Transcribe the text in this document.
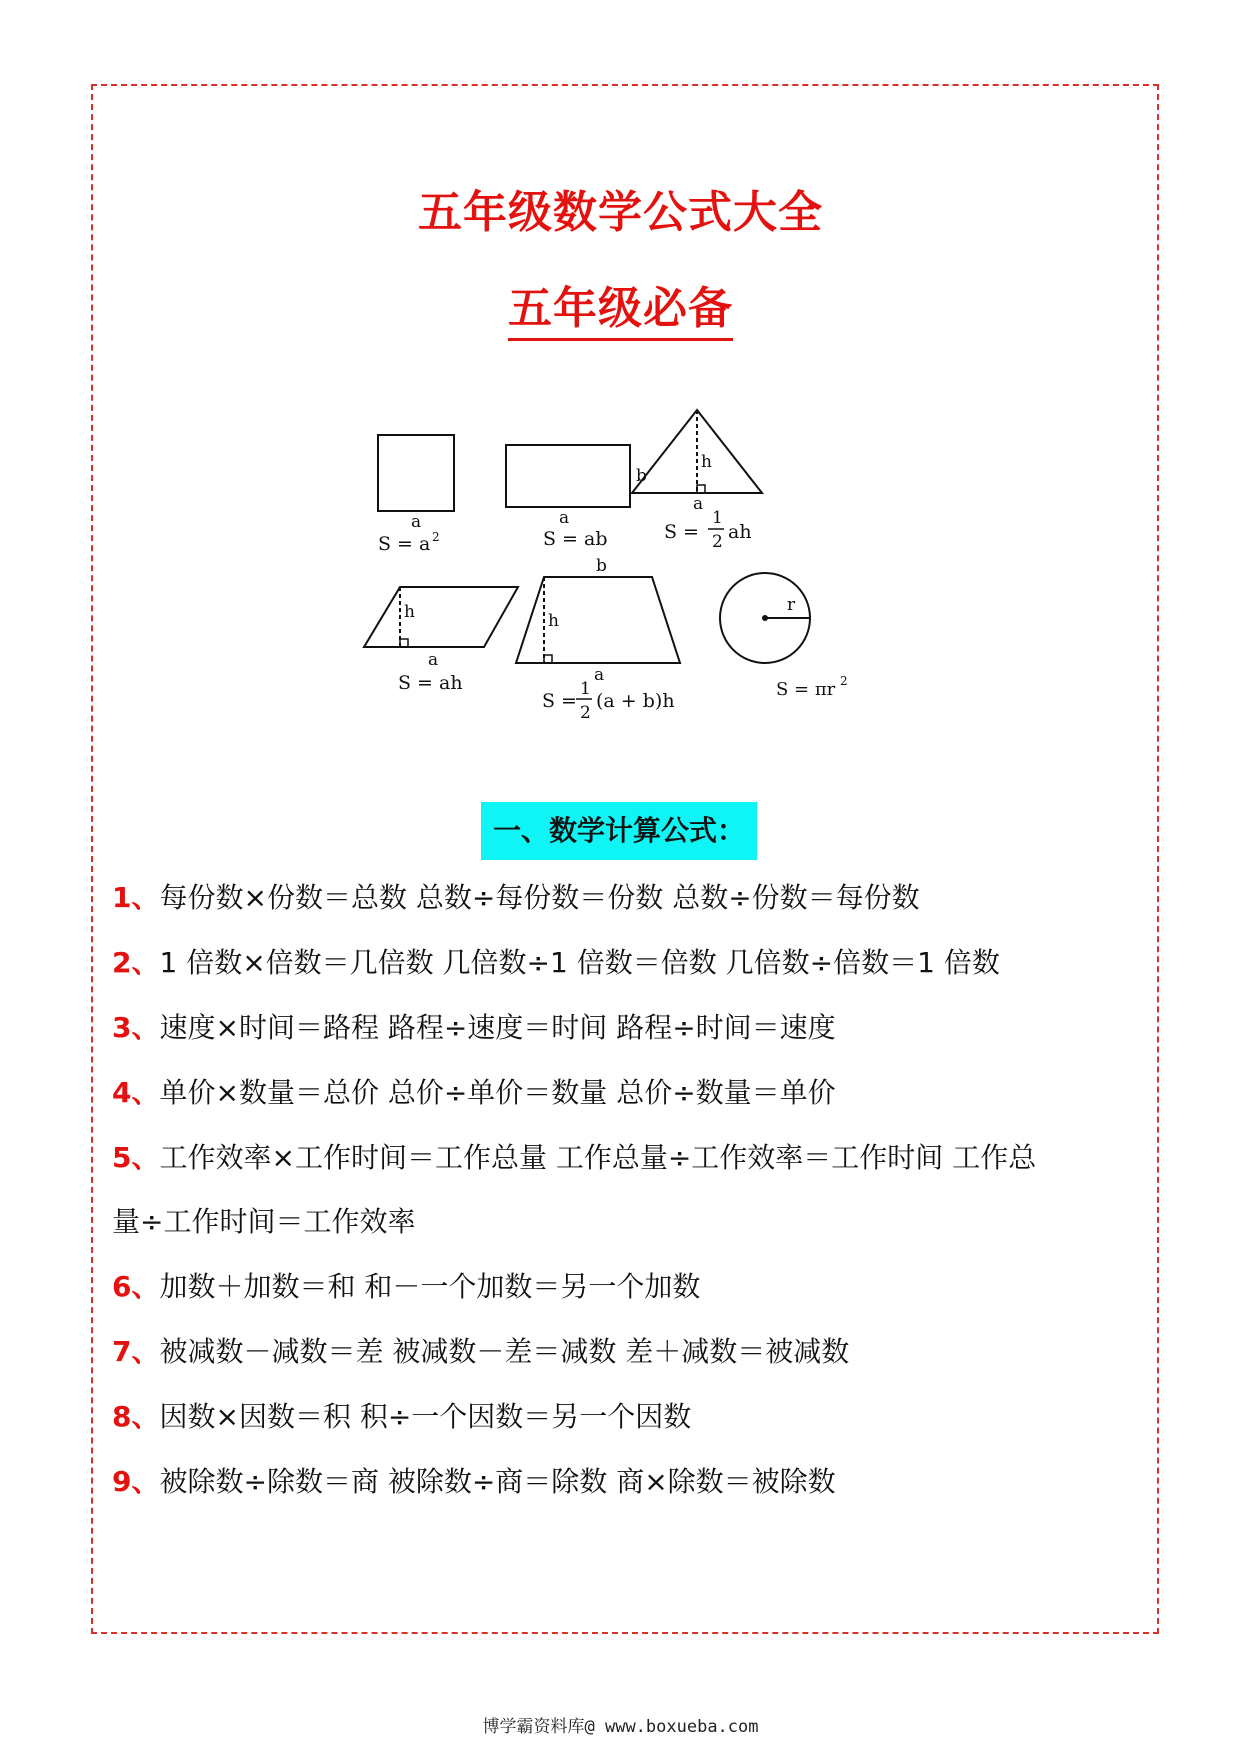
五年级数学公式大全
五年级必备
a
S = a 2
a
b
S = ab
h
a
S =
1
2 ah
h
a
S = ah
b
h
a
S =
1
2
(a + b)h
r
S = πr 2
一、数学计算公式：
1、每份数×份数＝总数 总数÷每份数＝份数 总数÷份数＝每份数
2、1 倍数×倍数＝几倍数 几倍数÷1 倍数＝倍数 几倍数÷倍数＝1 倍数
3、速度×时间＝路程 路程÷速度＝时间 路程÷时间＝速度
4、单价×数量＝总价 总价÷单价＝数量 总价÷数量＝单价
5、工作效率×工作时间＝工作总量 工作总量÷工作效率＝工作时间 工作总
量÷工作时间＝工作效率
6、加数＋加数＝和 和－一个加数＝另一个加数
7、被减数－减数＝差 被减数－差＝减数 差＋减数＝被减数
8、因数×因数＝积 积÷一个因数＝另一个因数
9、被除数÷除数＝商 被除数÷商＝除数 商×除数＝被除数
博学霸资料库@ www.boxueba.com
